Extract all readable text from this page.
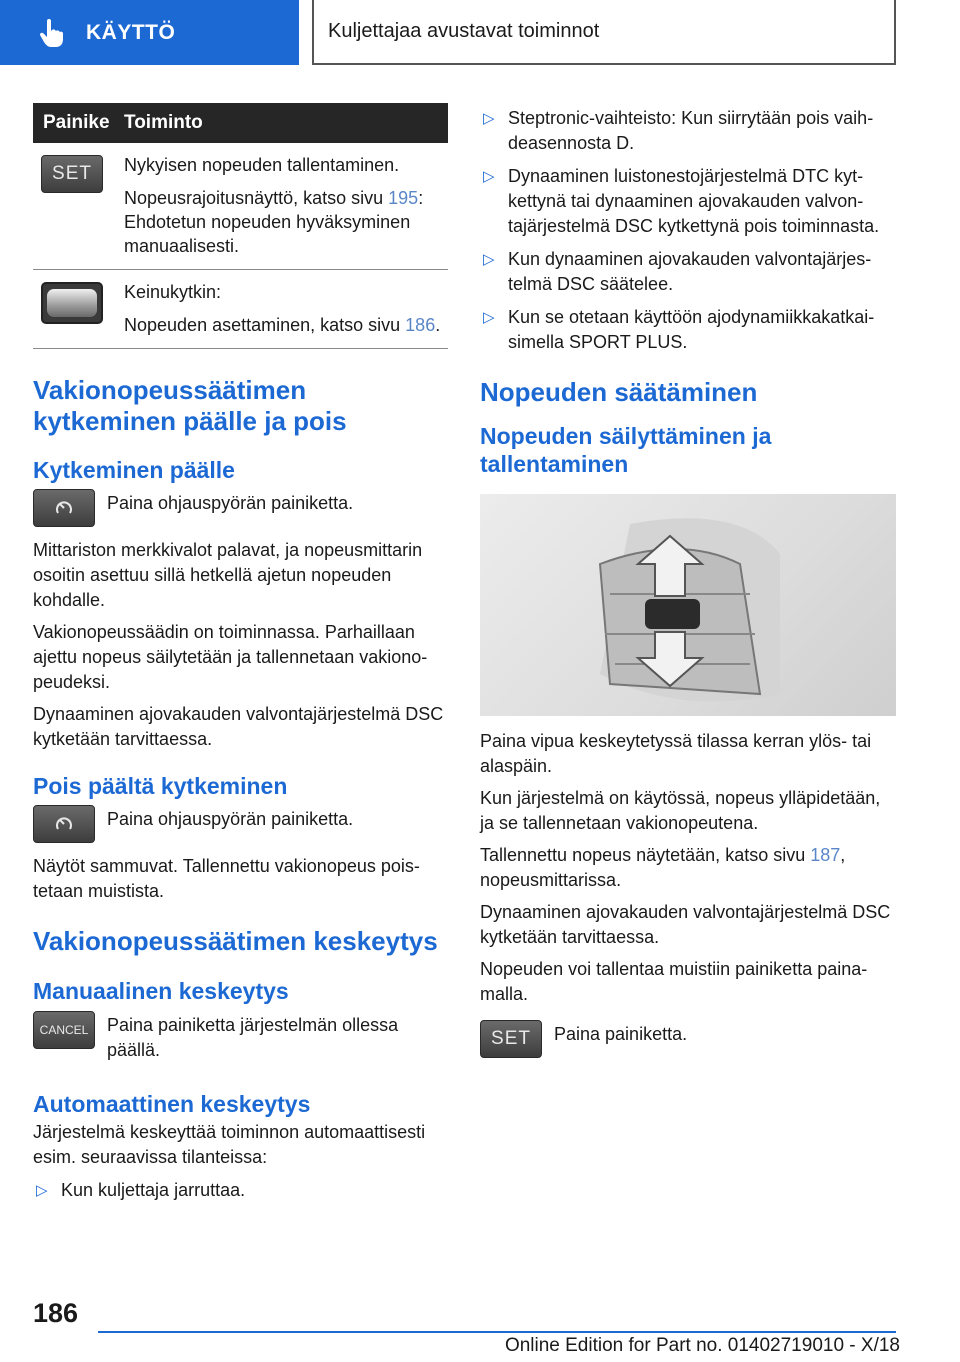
KÄYTTÖ	Kuljettajaa avustavat toiminnot
Painike Toiminto
SET	Nykyisen nopeuden tallentaminen.

Nopeusrajoitusnäyttö, katso sivu 195: Ehdotetun nopeuden hyväksyminen manuaalisesti.

Keinukytkin:

Nopeuden asettaminen, katso sivu 186.

Vakionopeussäätimen kytkeminen päälle ja pois
Kytkeminen päälle
Paina ohjauspyörän painiketta.

Mittariston merkkivalot palavat, ja nopeusmittarin osoitin asettuu sillä hetkellä ajetun nopeuden kohdalle.

Vakionopeussäädin on toiminnassa. Parhaillaan ajettu nopeus säilytetään ja tallennetaan vakionopeudeksi.

Dynaaminen ajovakauden valvontajärjestelmä DSC kytketään tarvittaessa.

Pois päältä kytkeminen
Paina ohjauspyörän painiketta.

Näytöt sammuvat. Tallennettu vakionopeus poistetaan muistista.

Vakionopeussäätimen keskeytys
Manuaalinen keskeytys
CANCEL	Paina painiketta järjestelmän ollessa päällä.
Automaattinen keskeytys

Järjestelmä keskeyttää toiminnon automaattisesti esim. seuraavissa tilanteissa:

▷ Kun kuljettaja jarruttaa.
▷ Steptronic-vaihteisto: Kun siirrytään pois vaihdeasennosta D.
▷ Dynaaminen luistonestojärjestelmä DTC kytkettynä tai dynaaminen ajovakauden valvontajärjestelmä DSC kytkettynä pois toiminnasta.
▷ Kun dynaaminen ajovakauden valvontajärjestelmä DSC säätelee.
▷ Kun se otetaan käyttöön ajodynamiikkakatkaisimella SPORT PLUS.
Nopeuden säätäminen
Nopeuden säilyttäminen ja tallentaminen

Paina vipua keskeytetyssä tilassa kerran ylös- tai alaspäin.

Kun järjestelmä on käytössä, nopeus ylläpidetään, ja se tallennetaan vakionopeutena.

Tallennettu nopeus näytetään, katso sivu 187, nopeusmittarissa.

Dynaaminen ajovakauden valvontajärjestelmä DSC kytketään tarvittaessa.

Nopeuden voi tallentaa muistiin painiketta painamalla.

SET	Paina painiketta.
186
Online Edition for Part no. 01402719010 - X/18
